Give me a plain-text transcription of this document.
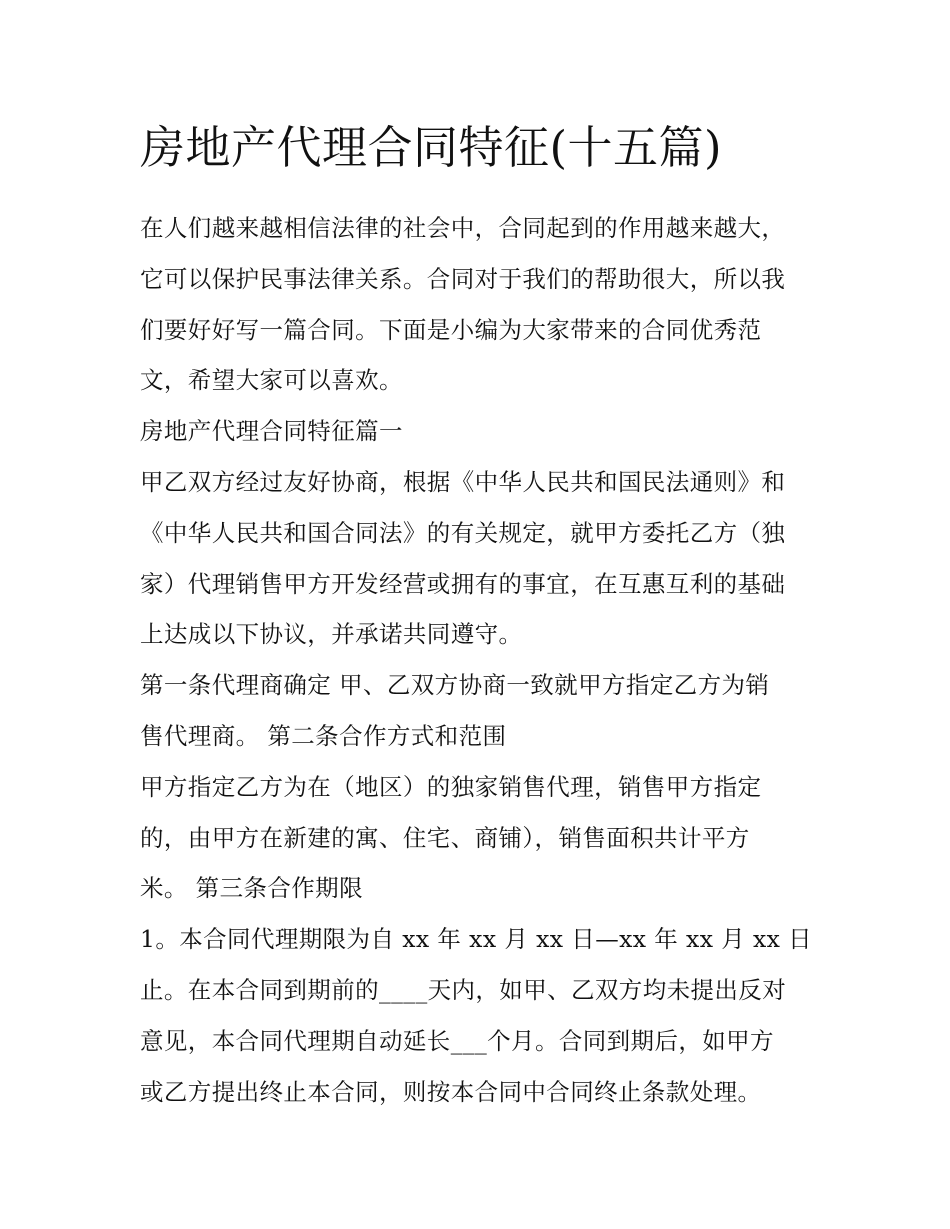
房地产代理合同特征(十五篇)
在人们越来越相信法律的社会中，合同起到的作用越来越大，
它可以保护民事法律关系。合同对于我们的帮助很大，所以我
们要好好写一篇合同。下面是小编为大家带来的合同优秀范
文，希望大家可以喜欢。
房地产代理合同特征篇一
甲乙双方经过友好协商，根据《中华人民共和国民法通则》和
《中华人民共和国合同法》的有关规定，就甲方委托乙方（独
家）代理销售甲方开发经营或拥有的事宜，在互惠互利的基础
上达成以下协议，并承诺共同遵守。
第一条代理商确定 甲、乙双方协商一致就甲方指定乙方为销
售代理商。 第二条合作方式和范围
甲方指定乙方为在（地区）的独家销售代理，销售甲方指定
的，由甲方在新建的寓、住宅、商铺），销售面积共计平方
米。 第三条合作期限
1。本合同代理期限为自 xx 年 xx 月 xx 日—xx 年 xx 月 xx 日
止。在本合同到期前的____天内，如甲、乙双方均未提出反对
意见，本合同代理期自动延长___个月。合同到期后，如甲方
或乙方提出终止本合同，则按本合同中合同终止条款处理。
